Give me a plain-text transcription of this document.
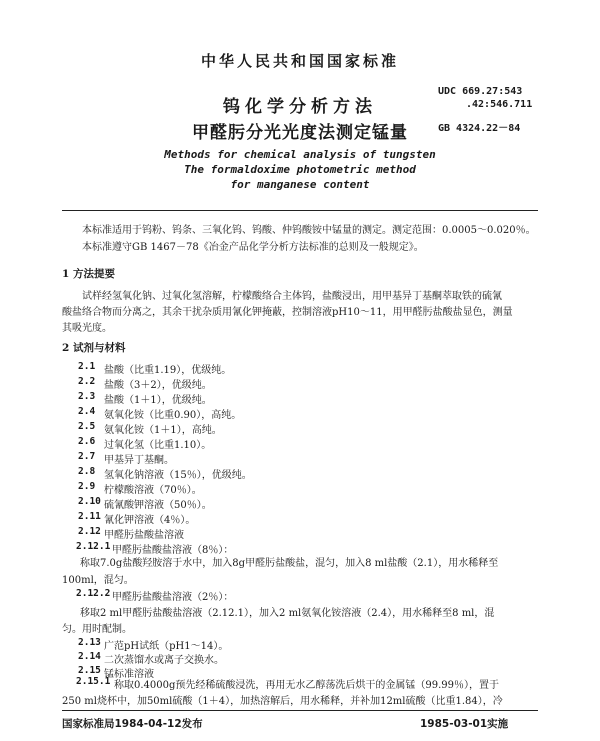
中华人民共和国国家标准
钨化学分析方法
甲醛肟分光光度法测定锰量
UDC 669.27:543
.42:546.711
GB 4324.22－84
Methods for chemical analysis of tungsten
The formaldoxime photometric method
for manganese content
本标准适用于钨粉、钨条、三氧化钨、钨酸、仲钨酸铵中锰量的测定。测定范围：0.0005～0.020％。
本标准遵守GB 1467－78《冶金产品化学分析方法标准的总则及一般规定》。
1 方法提要
试样经氢氧化钠、过氧化氢溶解，柠檬酸络合主体钨，盐酸浸出，用甲基异丁基酮萃取铁的硫氰
酸盐络合物而分离之，其余干扰杂质用氰化钾掩蔽，控制溶液pH10～11，用甲醛肟盐酸盐显色，测量
其吸光度。
2 试剂与材料
2.1 盐酸（比重1.19），优级纯。
2.2 盐酸（3＋2），优级纯。
2.3 盐酸（1＋1），优级纯。
2.4 氨氧化铵（比重0.90），高纯。
2.5 氨氧化铵（1＋1），高纯。
2.6 过氧化氢（比重1.10）。
2.7 甲基异丁基酮。
2.8 氢氧化钠溶液（15％），优级纯。
2.9 柠檬酸溶液（70％）。
2.10 硫氰酸钾溶液（50％）。
2.11 氰化钾溶液（4％）。
2.12 甲醛肟盐酸盐溶液
2.12.1 甲醛肟盐酸盐溶液（8％）：
称取7.0g盐酸羟胺溶于水中，加入8g甲醛肟盐酸盐，混匀，加入8 ml盐酸（2.1），用水稀释至
100ml，混匀。
2.12.2 甲醛肟盐酸盐溶液（2％）：
移取2 ml甲醛肟盐酸盐溶液（2.12.1），加入2 ml氨氧化铵溶液（2.4），用水稀释至8 ml，混
匀。用时配制。
2.13 广范pH试纸（pH1～14）。
2.14 二次蒸馏水或离子交换水。
2.15 锰标准溶液
2.15.1 称取0.4000g预先经稀硫酸浸洗，再用无水乙醇荡洗后烘干的金属锰（99.99％），置于
250 ml烧杯中，加50ml硫酸（1＋4），加热溶解后，用水稀释，并补加12ml硫酸（比重1.84），冷
国家标准局1984-04-12发布	1985-03-01实施
